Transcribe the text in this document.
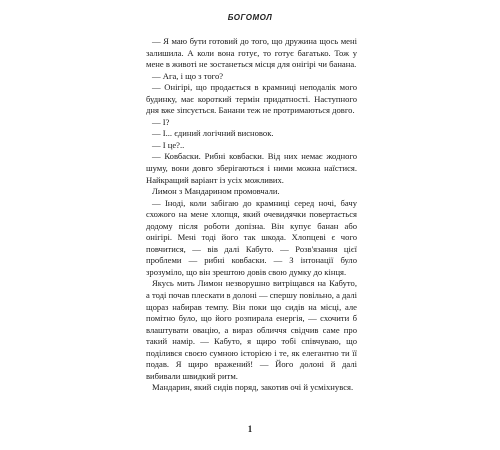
БОГОМОЛ

— Я маю бути готовий до того, що дружина щось мені залишила. А коли вона готує, то готує багатько. Тож у мене в животі не зостанеться місця для онігірі чи банана.

— Ага, і що з того?

— Онігірі, що продається в крамниці неподалік мого будинку, має короткий термін придатності. Наступного дня вже зіпсується. Банани теж не протримаються довго.

— І?

— І... єдиний логічний висновок.

— І це?..

— Ковбаски. Рибні ковбаски. Від них немає жодного шуму, вони довго зберігаються і ними можна наїстися. Найкращий варіант із усіх можливих.

Лимон з Мандарином промовчали.

— Іноді, коли забігаю до крамниці серед ночі, бачу схожого на мене хлопця, який очевидячки повертається додому після роботи допізна. Він купує банан або онігірі. Мені тоді його так шкода. Хлопцеві є чого повчитися, — вів далі Кабуто. — Розв'язання цієї проблеми — рибні ковбаски. — З інтонації було зрозуміло, що він зрештою довів свою думку до кінця.

Якусь мить Лимон незворушно витріщався на Кабуто, а тоді почав плескати в долоні — спершу повільно, а далі щораз набирав темпу. Він поки що сидів на місці, але помітно було, що його розпирала енергія, — схочити б влаштувати овацію, а вираз обличчя свідчив саме про такий намір. — Кабуто, я щиро тобі співчуваю, що поділився своєю сумною історією і те, як елегантно ти її подав. Я щиро вражений! — Його долоні й далі вибивали швидкий ритм.

Мандарин, який сидів поряд, закотив очі й усміхнувся.

1
